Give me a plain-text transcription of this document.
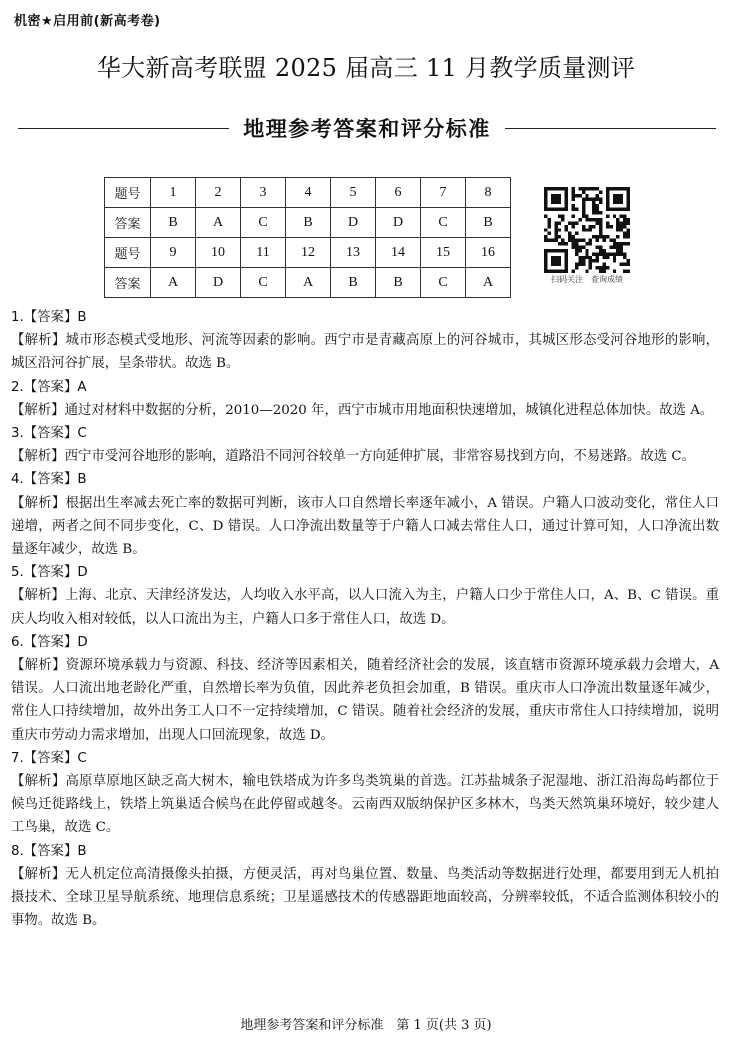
机密★启用前(新高考卷)
华大新高考联盟 2025 届高三 11 月教学质量测评
地理参考答案和评分标准
题号	1	2	3	4	5	6	7	8
答案	B	A	C	B	D	D	C	B
题号	9	10	11	12	13	14	15	16
答案	A	D	C	A	B	B	C	A	扫码关注　查询成绩

1.【答案】B

【解析】城市形态模式受地形、河流等因素的影响。西宁市是青藏高原上的河谷城市，其城区形态受河谷地形的影响，城区沿河谷扩展，呈条带状。故选 B。

2.【答案】A

【解析】通过对材料中数据的分析，2010—2020 年，西宁市城市用地面积快速增加，城镇化进程总体加快。故选 A。

3.【答案】C

【解析】西宁市受河谷地形的影响，道路沿不同河谷较单一方向延伸扩展，非常容易找到方向，不易迷路。故选 C。

4.【答案】B

【解析】根据出生率减去死亡率的数据可判断，该市人口自然增长率逐年减小，A 错误。户籍人口波动变化，常住人口递增，两者之间不同步变化，C、D 错误。人口净流出数量等于户籍人口减去常住人口，通过计算可知，人口净流出数量逐年减少，故选 B。

5.【答案】D

【解析】上海、北京、天津经济发达，人均收入水平高，以人口流入为主，户籍人口少于常住人口，A、B、C 错误。重庆人均收入相对较低，以人口流出为主，户籍人口多于常住人口，故选 D。

6.【答案】D

【解析】资源环境承载力与资源、科技、经济等因素相关，随着经济社会的发展，该直辖市资源环境承载力会增大，A 错误。人口流出地老龄化严重，自然增长率为负值，因此养老负担会加重，B 错误。重庆市人口净流出数量逐年减少，常住人口持续增加，故外出务工人口不一定持续增加，C 错误。随着社会经济的发展，重庆市常住人口持续增加，说明重庆市劳动力需求增加，出现人口回流现象，故选 D。

7.【答案】C

【解析】高原草原地区缺乏高大树木，输电铁塔成为许多鸟类筑巢的首选。江苏盐城条子泥湿地、浙江沿海岛屿都位于候鸟迁徙路线上，铁塔上筑巢适合候鸟在此停留或越冬。云南西双版纳保护区多林木，鸟类天然筑巢环境好，较少建人工鸟巢，故选 C。

8.【答案】B

【解析】无人机定位高清摄像头拍摄，方便灵活，再对鸟巢位置、数量、鸟类活动等数据进行处理，都要用到无人机拍摄技术、全球卫星导航系统、地理信息系统；卫星遥感技术的传感器距地面较高，分辨率较低，不适合监测体积较小的事物。故选 B。

地理参考答案和评分标准　第 1 页(共 3 页)
